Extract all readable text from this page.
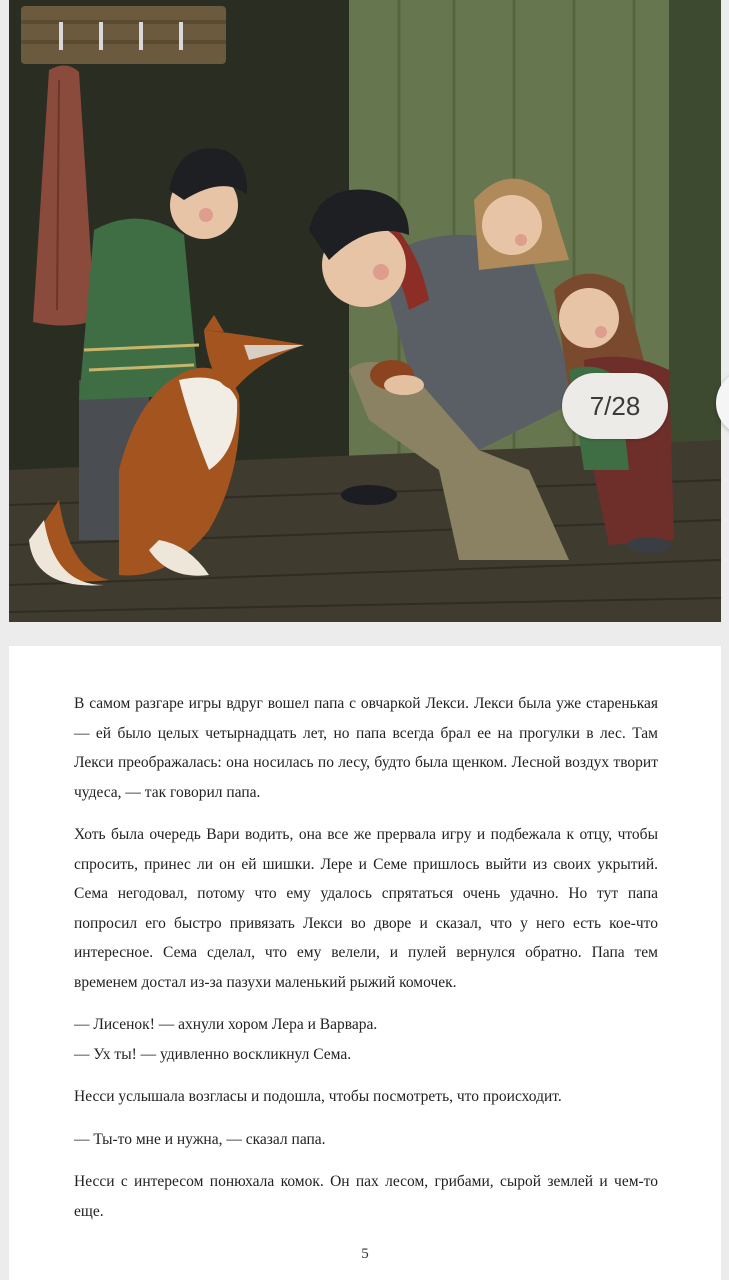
7/28

В самом разгаре игры вдруг вошел папа с овчаркой Лекси. Лекси была уже старенькая — ей было целых четырнадцать лет, но папа всегда брал ее на прогулки в лес. Там Лекси преображалась: она носилась по лесу, будто была щенком. Лесной воздух творит чудеса, — так говорил папа.

Хоть была очередь Вари водить, она все же прервала игру и подбежала к отцу, чтобы спросить, принес ли он ей шишки. Лере и Семе пришлось выйти из своих укрытий. Сема негодовал, потому что ему удалось спрятаться очень удачно. Но тут папа попросил его быстро привязать Лекси во дворе и сказал, что у него есть кое-что интересное. Сема сделал, что ему велели, и пулей вернулся обратно. Папа тем временем достал из-за пазухи маленький рыжий комочек.

— Лисенок! — ахнули хором Лера и Варвара.

— Ух ты! — удивленно воскликнул Сема.

Несси услышала возгласы и подошла, чтобы посмотреть, что происходит.

— Ты-то мне и нужна, — сказал папа.

Несси с интересом понюхала комок. Он пах лесом, грибами, сырой землей и чем-то еще.

5
